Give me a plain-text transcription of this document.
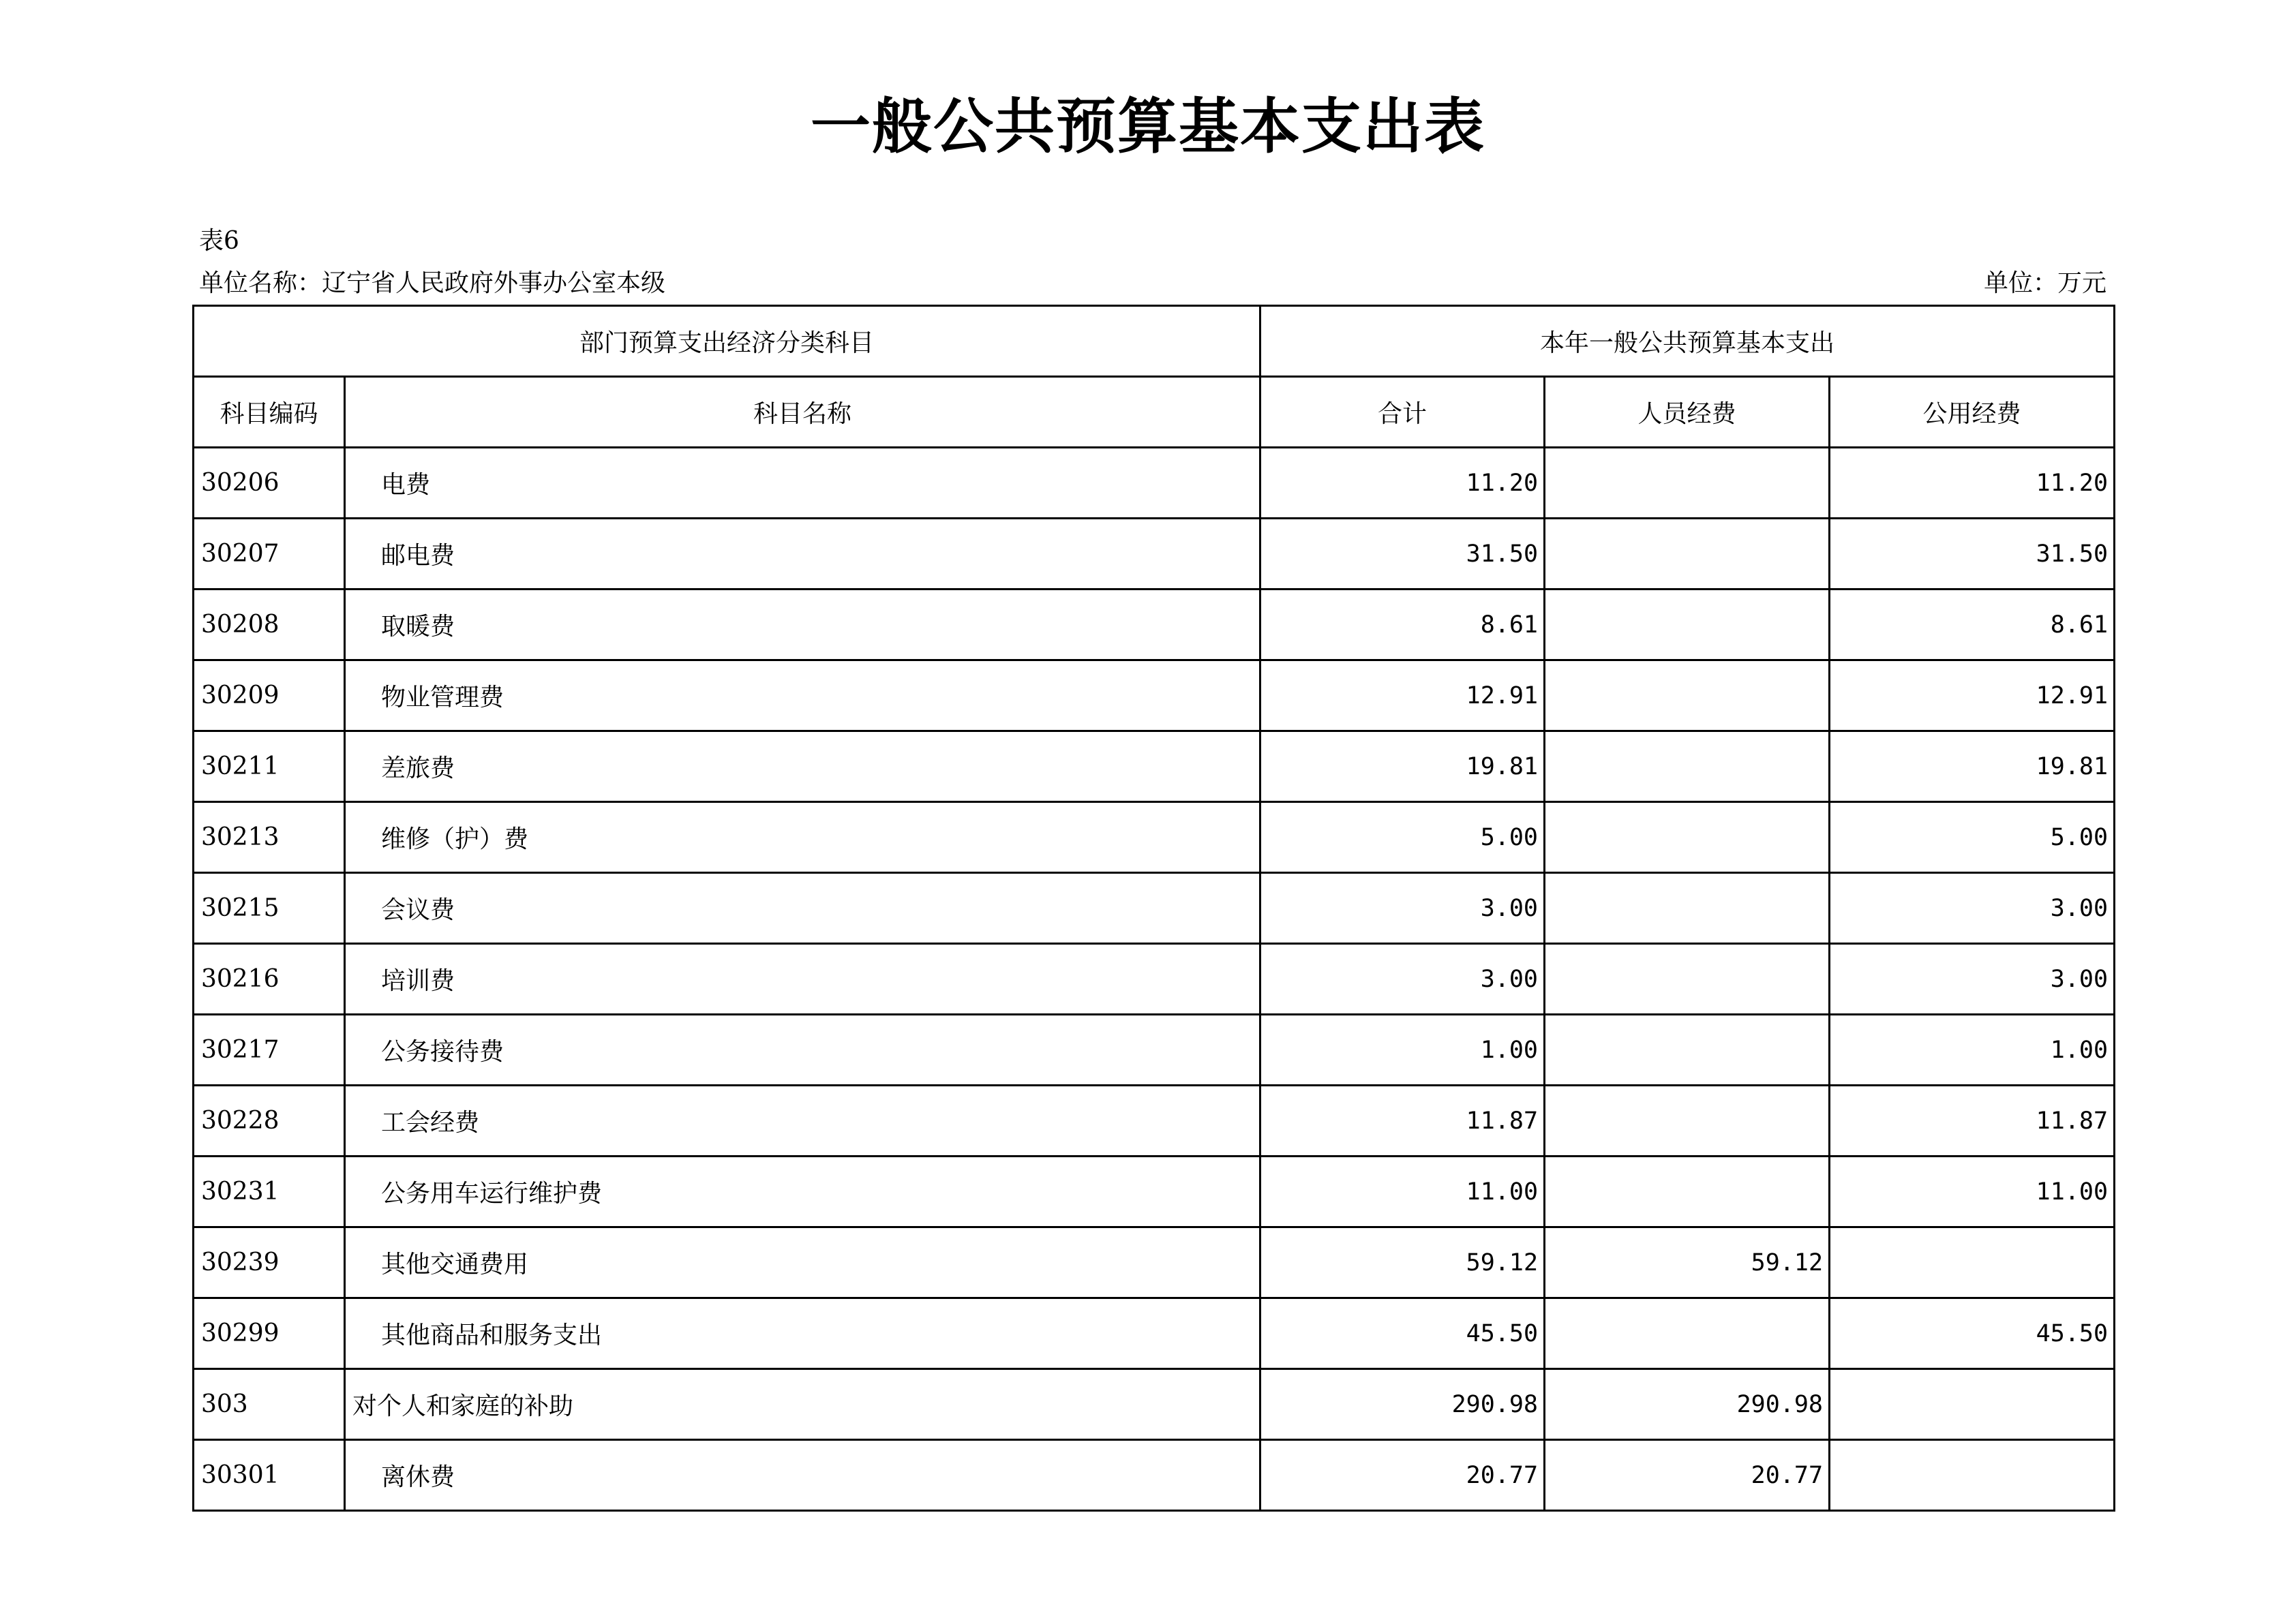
一般公共预算基本支出表
表6
单位名称：辽宁省人民政府外事办公室本级	单位：万元
部门预算支出经济分类科目		本年一般公共预算基本支出		
科目编码	科目名称	合计	人员经费	公用经费
30206	电费	11.20		11.20
30207	邮电费	31.50		31.50
30208	取暖费	8.61		8.61
30209	物业管理费	12.91		12.91
30211	差旅费	19.81		19.81
30213	维修（护）费	5.00		5.00
30215	会议费	3.00		3.00
30216	培训费	3.00		3.00
30217	公务接待费	1.00		1.00
30228	工会经费	11.87		11.87
30231	公务用车运行维护费	11.00		11.00
30239	其他交通费用	59.12	59.12	
30299	其他商品和服务支出	45.50		45.50
303	对个人和家庭的补助	290.98	290.98	
30301	离休费	20.77	20.77	
